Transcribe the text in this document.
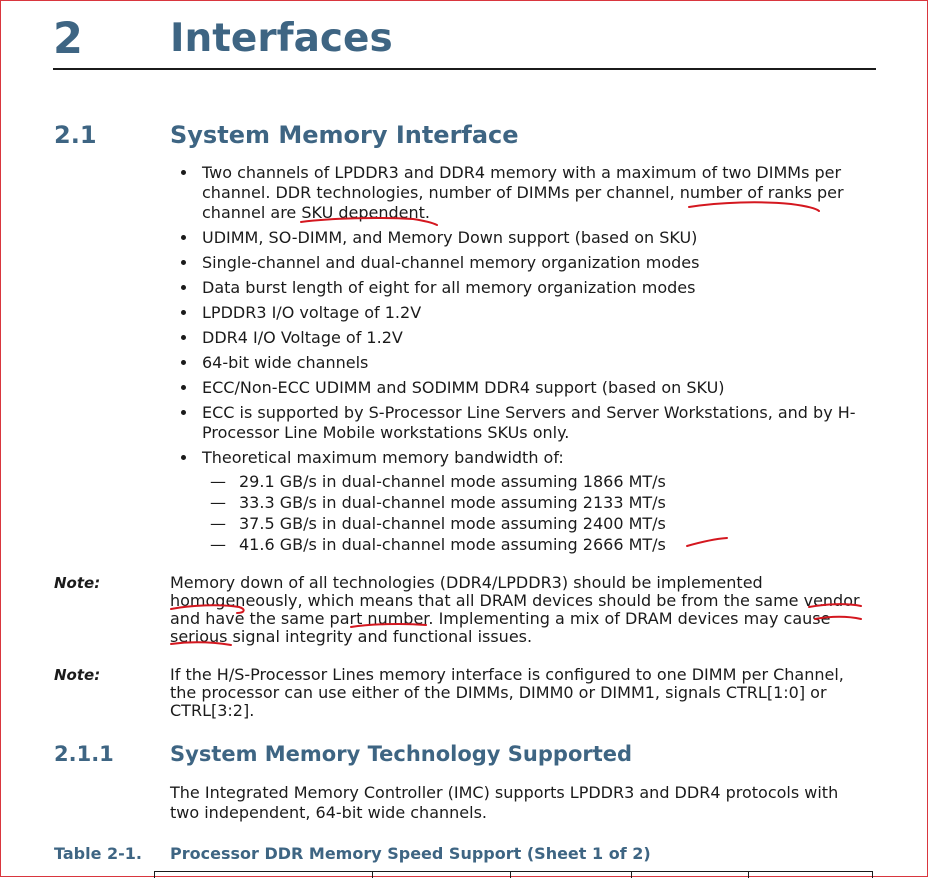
2 Interfaces
2.1	System Memory Interface
Two channels of LPDDR3 and DDR4 memory with a maximum of two DIMMs per channel. DDR technologies, number of DIMMs per channel, number of ranks per channel are SKU dependent.
UDIMM, SO-DIMM, and Memory Down support (based on SKU)
Single-channel and dual-channel memory organization modes
Data burst length of eight for all memory organization modes
LPDDR3 I/O voltage of 1.2V
DDR4 I/O Voltage of 1.2V
64-bit wide channels
ECC/Non-ECC UDIMM and SODIMM DDR4 support (based on SKU)
ECC is supported by S-Processor Line Servers and Server Workstations, and by H-Processor Line Mobile workstations SKUs only.
Theoretical maximum memory bandwidth of:
— 29.1 GB/s in dual-channel mode assuming 1866 MT/s
— 33.3 GB/s in dual-channel mode assuming 2133 MT/s
— 37.5 GB/s in dual-channel mode assuming 2400 MT/s
— 41.6 GB/s in dual-channel mode assuming 2666 MT/s
Note:	Memory down of all technologies (DDR4/LPDDR3) should be implemented homogeneously, which means that all DRAM devices should be from the same vendor and have the same part number. Implementing a mix of DRAM devices may cause serious signal integrity and functional issues.
Note:	If the H/S-Processor Lines memory interface is configured to one DIMM per Channel, the processor can use either of the DIMMs, DIMM0 or DIMM1, signals CTRL[1:0] or CTRL[3:2].
2.1.1	System Memory Technology Supported
The Integrated Memory Controller (IMC) supports LPDDR3 and DDR4 protocols with two independent, 64-bit wide channels.
Table 2-1. Processor DDR Memory Speed Support (Sheet 1 of 2)
